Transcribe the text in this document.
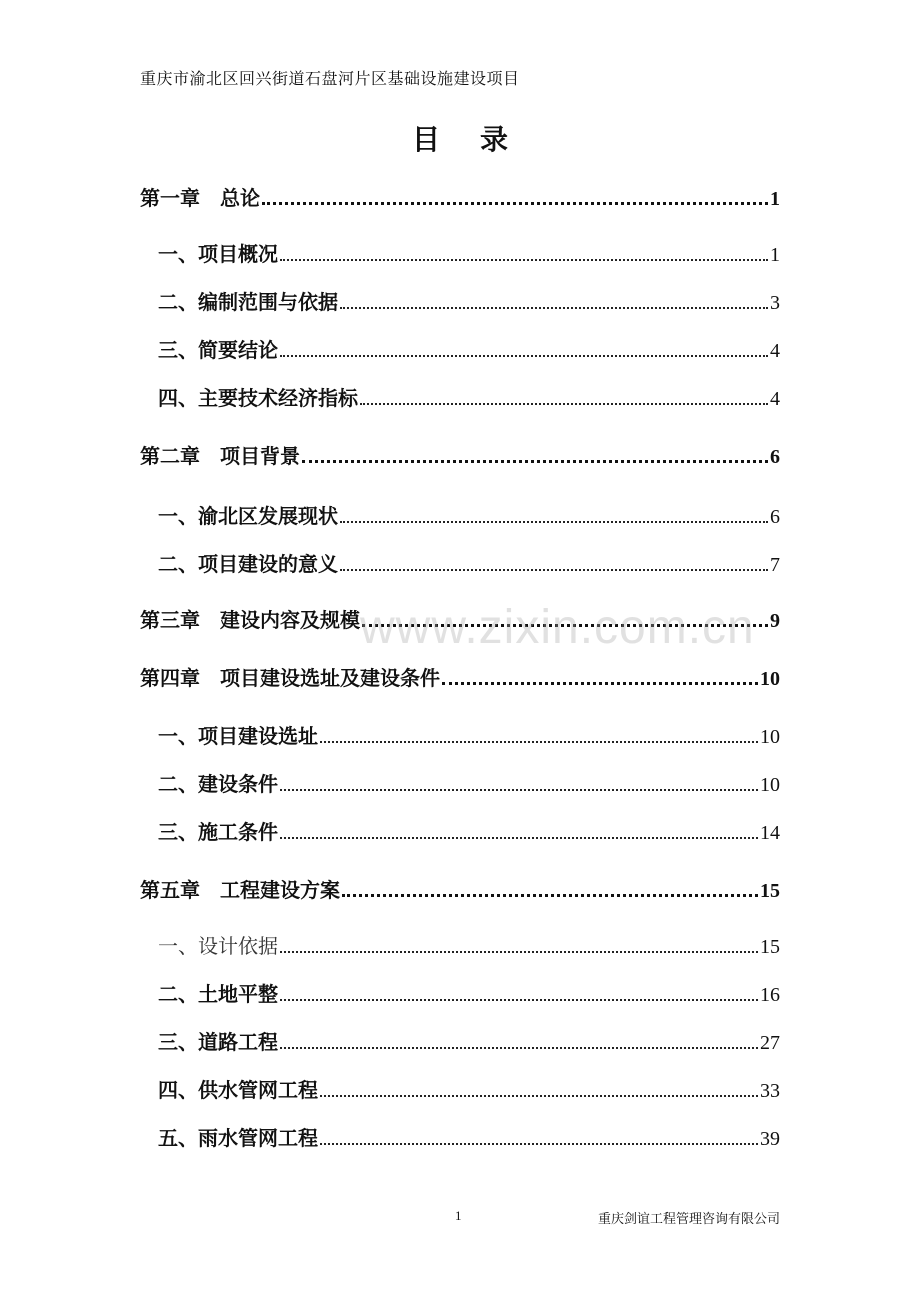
重庆市渝北区回兴街道石盘河片区基础设施建设项目
目录
第一章　总论	1
一、项目概况	1
二、编制范围与依据	3
三、简要结论	4
四、主要技术经济指标	4
第二章　项目背景	6
一、渝北区发展现状	6
二、项目建设的意义	7
第三章　建设内容及规模	9
第四章　项目建设选址及建设条件	10
一、项目建设选址	10
二、建设条件	10
三、施工条件	14
第五章　工程建设方案	15
一、设计依据	15
二、土地平整	16
三、道路工程	27
四、供水管网工程	33
五、雨水管网工程	39
www.zixin.com.cn
1	重庆剑谊工程管理咨询有限公司
